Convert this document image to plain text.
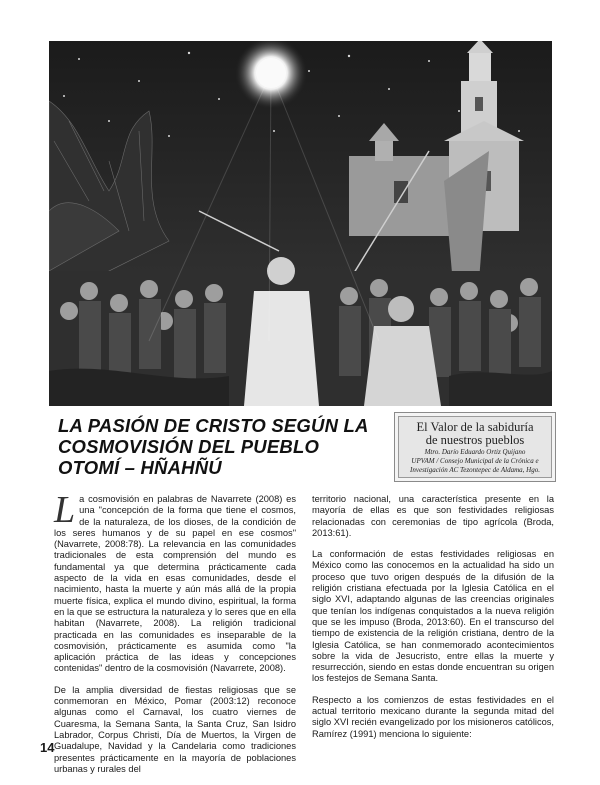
LA PASIÓN DE CRISTO SEGÚN LA
COSMOVISIÓN DEL PUEBLO
OTOMÍ – HÑAHÑÚ
El Valor de la sabiduría
de nuestros pueblos
Mtro. Darío Eduardo Ortiz Quijano
UPVAM / Consejo Municipal de la Crónica e
Investigación AC Tezontepec de Aldama, Hgo.

La cosmovisión en palabras de Navarrete (2008) es una "concepción de la forma que tiene el cosmos, de la naturaleza, de los dioses, de la condición de los seres humanos y de su papel en ese cosmos" (Navarrete, 2008:78). La relevancia en las comunidades tradicionales de esta comprensión del mundo es fundamental ya que determina prácticamente cada aspecto de la vida en esas comunidades, desde el nacimiento, hasta la muerte y aún más allá de la propia muerte física, explica el mundo divino, espiritual, la forma en la que se estructura la naturaleza y lo seres que en ella habitan (Navarrete, 2008). La religión tradicional practicada en las comunidades es inseparable de la cosmovisión, prácticamente es asumida como "la aplicación práctica de las ideas y concepciones contenidas" dentro de la cosmovisión (Navarrete, 2008).

De la amplia diversidad de fiestas religiosas que se conmemoran en México, Pomar (2003:12) reconoce algunas como el Carnaval, los cuatro viernes de Cuaresma, la Semana Santa, la Santa Cruz, San Isidro Labrador, Corpus Christi, Día de Muertos, la Virgen de Guadalupe, Navidad y la Candelaria como tradiciones presentes prácticamente en la mayoría de poblaciones urbanas y rurales del

territorio nacional, una característica presente en la mayoría de ellas es que son festividades religiosas relacionadas con ceremonias de tipo agrícola (Broda, 2013:61).

La conformación de estas festividades religiosas en México como las conocemos en la actualidad ha sido un proceso que tuvo origen después de la difusión de la religión cristiana efectuada por la Iglesia Católica en el siglo XVI, adaptando algunas de las creencias originales que tenían los indígenas conquistados a la nueva religión que se les impuso (Broda, 2013:60). En el transcurso del tiempo de existencia de la religión cristiana, dentro de la Iglesia Católica, se han conmemorado acontecimientos sobre la vida de Jesucristo, entre ellas la muerte y resurrección, siendo en estas donde encuentran su origen los festejos de Semana Santa.

Respecto a los comienzos de estas festividades en el actual territorio mexicano durante la segunda mitad del siglo XVI recién evangelizado por los misioneros católicos, Ramírez (1991) menciona lo siguiente:

14
